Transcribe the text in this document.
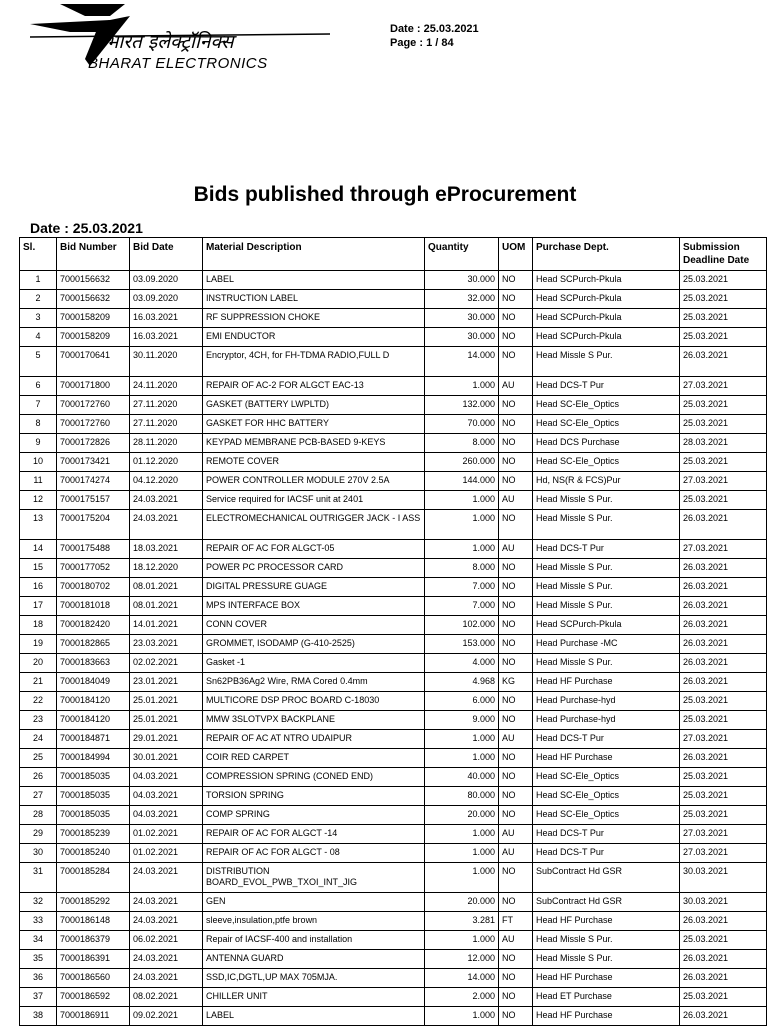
भारत इलेक्ट्रॉनिक्स
BHARAT ELECTRONICS
Date : 25.03.2021
Page : 1 / 84
Bids published through eProcurement
Date : 25.03.2021
Sl.	Bid Number	Bid Date	Material Description	Quantity	UOM	Purchase Dept.	Submission Deadline Date
1	7000156632	03.09.2020	LABEL	30.000	NO	Head SCPurch-Pkula	25.03.2021
2	7000156632	03.09.2020	INSTRUCTION LABEL	32.000	NO	Head SCPurch-Pkula	25.03.2021
3	7000158209	16.03.2021	RF SUPPRESSION CHOKE	30.000	NO	Head SCPurch-Pkula	25.03.2021
4	7000158209	16.03.2021	EMI ENDUCTOR	30.000	NO	Head SCPurch-Pkula	25.03.2021
5	7000170641	30.11.2020	Encryptor, 4CH, for FH-TDMA RADIO,FULL D	14.000	NO	Head Missle S Pur.	26.03.2021
6	7000171800	24.11.2020	REPAIR OF AC-2 FOR ALGCT EAC-13	1.000	AU	Head DCS-T Pur	27.03.2021
7	7000172760	27.11.2020	GASKET (BATTERY LWPLTD)	132.000	NO	Head SC-Ele_Optics	25.03.2021
8	7000172760	27.11.2020	GASKET FOR HHC BATTERY	70.000	NO	Head SC-Ele_Optics	25.03.2021
9	7000172826	28.11.2020	KEYPAD MEMBRANE PCB-BASED 9-KEYS	8.000	NO	Head DCS Purchase	28.03.2021
10	7000173421	01.12.2020	REMOTE COVER	260.000	NO	Head SC-Ele_Optics	25.03.2021
11	7000174274	04.12.2020	POWER CONTROLLER MODULE 270V 2.5A	144.000	NO	Hd, NS(R & FCS)Pur	27.03.2021
12	7000175157	24.03.2021	Service required for IACSF unit at 2401	1.000	AU	Head Missle S Pur.	25.03.2021
13	7000175204	24.03.2021	ELECTROMECHANICAL OUTRIGGER JACK - I ASS	1.000	NO	Head Missle S Pur.	26.03.2021
14	7000175488	18.03.2021	REPAIR OF AC FOR ALGCT-05	1.000	AU	Head DCS-T Pur	27.03.2021
15	7000177052	18.12.2020	POWER PC PROCESSOR CARD	8.000	NO	Head Missle S Pur.	26.03.2021
16	7000180702	08.01.2021	DIGITAL PRESSURE GUAGE	7.000	NO	Head Missle S Pur.	26.03.2021
17	7000181018	08.01.2021	MPS INTERFACE BOX	7.000	NO	Head Missle S Pur.	26.03.2021
18	7000182420	14.01.2021	CONN COVER	102.000	NO	Head SCPurch-Pkula	26.03.2021
19	7000182865	23.03.2021	GROMMET, ISODAMP (G-410-2525)	153.000	NO	Head Purchase -MC	26.03.2021
20	7000183663	02.02.2021	Gasket -1	4.000	NO	Head Missle S Pur.	26.03.2021
21	7000184049	23.01.2021	Sn62PB36Ag2 Wire, RMA Cored 0.4mm	4.968	KG	Head HF Purchase	26.03.2021
22	7000184120	25.01.2021	MULTICORE DSP PROC BOARD C-18030	6.000	NO	Head Purchase-hyd	25.03.2021
23	7000184120	25.01.2021	MMW 3SLOTVPX BACKPLANE	9.000	NO	Head Purchase-hyd	25.03.2021
24	7000184871	29.01.2021	REPAIR OF AC AT NTRO UDAIPUR	1.000	AU	Head DCS-T Pur	27.03.2021
25	7000184994	30.01.2021	COIR RED CARPET	1.000	NO	Head HF Purchase	26.03.2021
26	7000185035	04.03.2021	COMPRESSION SPRING (CONED END)	40.000	NO	Head SC-Ele_Optics	25.03.2021
27	7000185035	04.03.2021	TORSION SPRING	80.000	NO	Head SC-Ele_Optics	25.03.2021
28	7000185035	04.03.2021	COMP SPRING	20.000	NO	Head SC-Ele_Optics	25.03.2021
29	7000185239	01.02.2021	REPAIR OF AC FOR ALGCT -14	1.000	AU	Head DCS-T Pur	27.03.2021
30	7000185240	01.02.2021	REPAIR OF AC FOR ALGCT - 08	1.000	AU	Head DCS-T Pur	27.03.2021
31	7000185284	24.03.2021	DISTRIBUTION BOARD_EVOL_PWB_TXOI_INT_JIG	1.000	NO	SubContract Hd GSR	30.03.2021
32	7000185292	24.03.2021	GEN	20.000	NO	SubContract Hd GSR	30.03.2021
33	7000186148	24.03.2021	sleeve,insulation,ptfe brown	3.281	FT	Head HF Purchase	26.03.2021
34	7000186379	06.02.2021	Repair of IACSF-400 and installation	1.000	AU	Head Missle S Pur.	25.03.2021
35	7000186391	24.03.2021	ANTENNA GUARD	12.000	NO	Head Missle S Pur.	26.03.2021
36	7000186560	24.03.2021	SSD,IC,DGTL,UP MAX 705MJA.	14.000	NO	Head HF Purchase	26.03.2021
37	7000186592	08.02.2021	CHILLER UNIT	2.000	NO	Head ET Purchase	25.03.2021
38	7000186911	09.02.2021	LABEL	1.000	NO	Head HF Purchase	26.03.2021
